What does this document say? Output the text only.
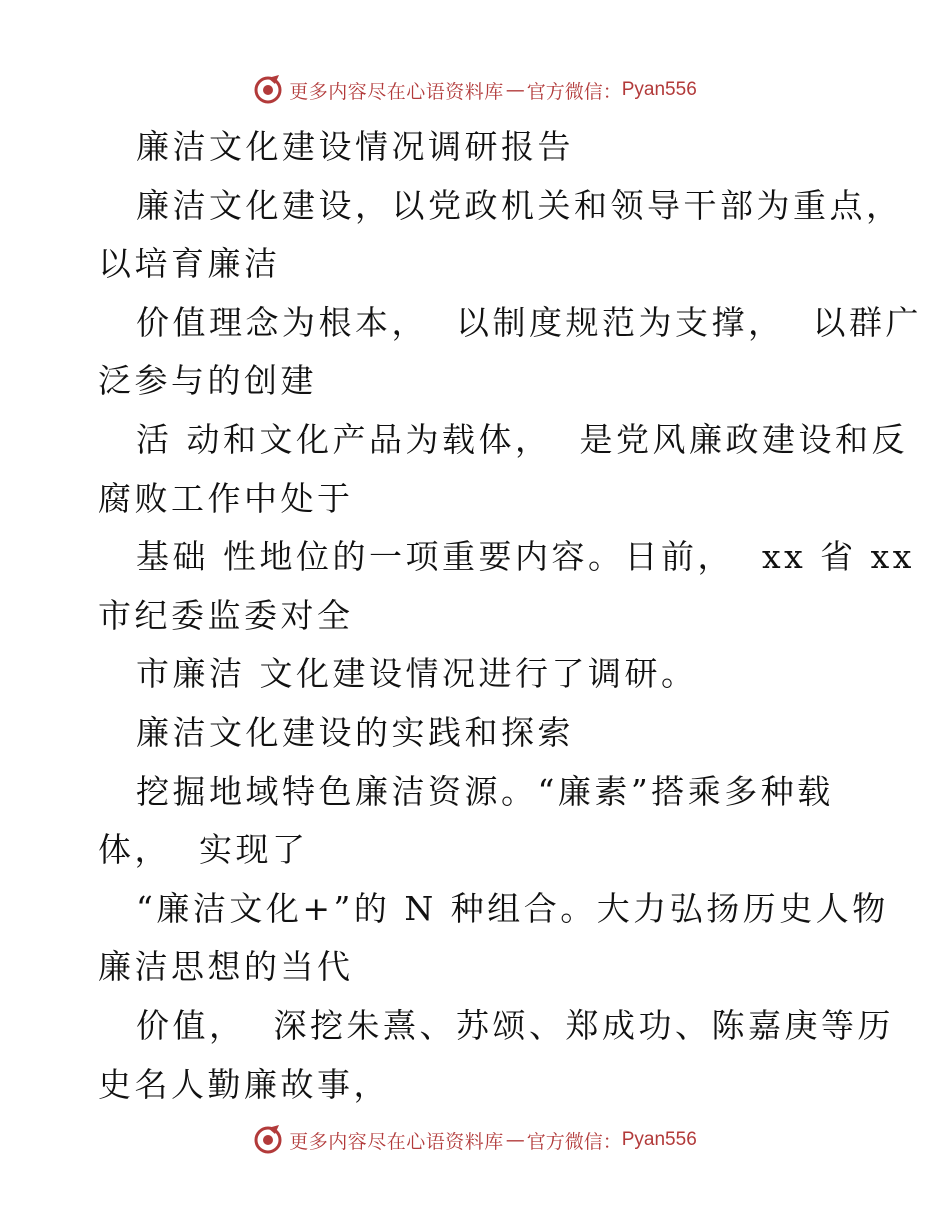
更多内容尽在心语资料库 — 官方微信： Pyan556
廉洁文化建设情况调研报告
廉洁文化建设，以党政机关和领导干部为重点，
以培育廉洁
价值理念为根本，  以制度规范为支撑，  以群广
泛参与的创建
活 动和文化产品为载体，  是党风廉政建设和反
腐败工作中处于
基础 性地位的一项重要内容。日前，  xx 省 xx
市纪委监委对全
市廉洁 文化建设情况进行了调研。
廉洁文化建设的实践和探索
挖掘地域特色廉洁资源。“廉素”搭乘多种载
体，  实现了
“廉洁文化+”的 N 种组合。大力弘扬历史人物
廉洁思想的当代
价值，  深挖朱熹、苏颂、郑成功、陈嘉庚等历
史名人勤廉故事，
更多内容尽在心语资料库 — 官方微信： Pyan556
